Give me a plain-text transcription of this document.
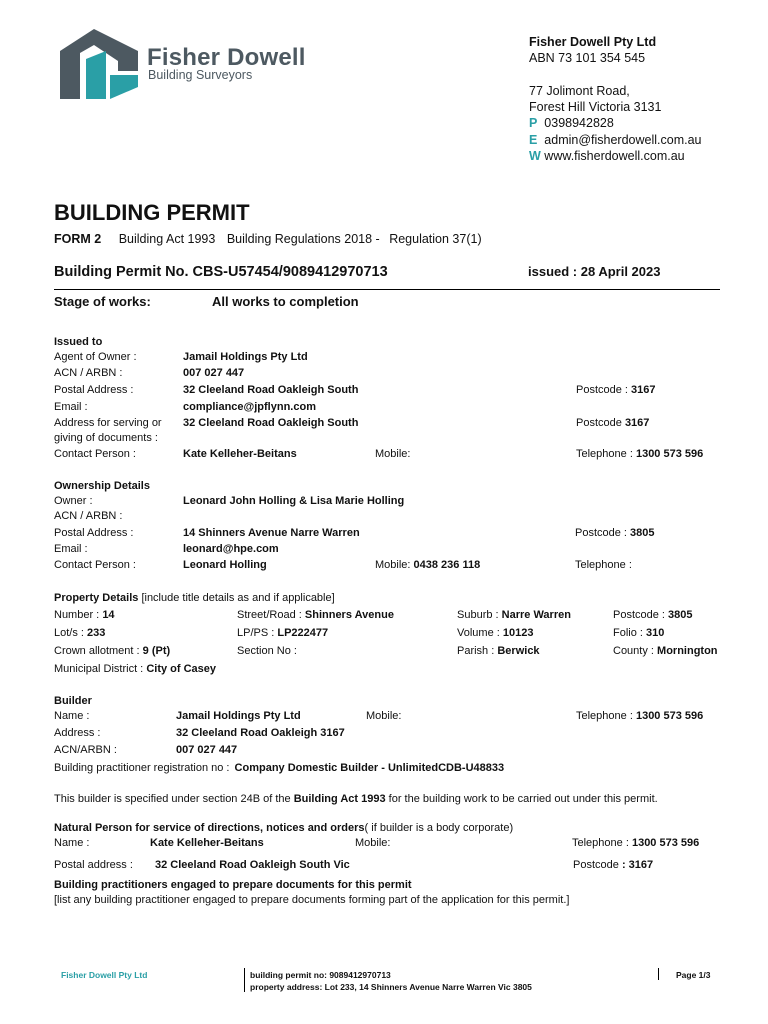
Fisher Dowell
Building Surveyors
Fisher Dowell Pty Ltd
ABN 73 101 354 545
77 Jolimont Road,
Forest Hill Victoria 3131
P 0398942828
E admin@fisherdowell.com.au
W www.fisherdowell.com.au
BUILDING PERMIT
FORM 2 Building Act 1993 Building Regulations 2018 - Regulation 37(1)
Building Permit No. CBS-U57454/9089412970713	issued : 28 April 2023
Stage of works:	All works to completion
Issued to
Agent of Owner :	Jamail Holdings Pty Ltd
ACN / ARBN :	007 027 447
Postal Address :	32 Cleeland Road Oakleigh South	Postcode : 3167
Email :	compliance@jpflynn.com
Address for serving or
giving of documents :
32 Cleeland Road Oakleigh South	Postcode 3167
Contact Person :	Kate Kelleher-Beitans	Mobile:	Telephone : 1300 573 596
Ownership Details
Owner :	Leonard John Holling & Lisa Marie Holling
ACN / ARBN :
Postal Address :	14 Shinners Avenue Narre Warren	Postcode : 3805
Email :	leonard@hpe.com
Contact Person :	Leonard Holling	Mobile: 0438 236 118	Telephone :
Property Details [include title details as and if applicable]
Number : 14	Street/Road : Shinners Avenue	Suburb : Narre Warren	Postcode : 3805
Lot/s : 233	LP/PS : LP222477	Volume : 10123	Folio : 310
Crown allotment : 9 (Pt)	Section No :	Parish : Berwick	County : Mornington
Municipal District : City of Casey
Builder
Name :	Jamail Holdings Pty Ltd	Mobile:	Telephone : 1300 573 596
Address :	32 Cleeland Road Oakleigh 3167
ACN/ARBN :	007 027 447
Building practitioner registration no : Company Domestic Builder - UnlimitedCDB-U48833
This builder is specified under section 24B of the Building Act 1993 for the building work to be carried out under this permit.
Natural Person for service of directions, notices and orders( if builder is a body corporate)
Name :	Kate Kelleher-Beitans	Mobile:	Telephone : 1300 573 596
Postal address : 32 Cleeland Road Oakleigh South Vic	Postcode : 3167
Building practitioners engaged to prepare documents for this permit
[list any building practitioner engaged to prepare documents forming part of the application for this permit.]
Fisher Dowell Pty Ltd	building permit no: 9089412970713
property address: Lot 233, 14 Shinners Avenue Narre Warren Vic 3805
Page 1/3
